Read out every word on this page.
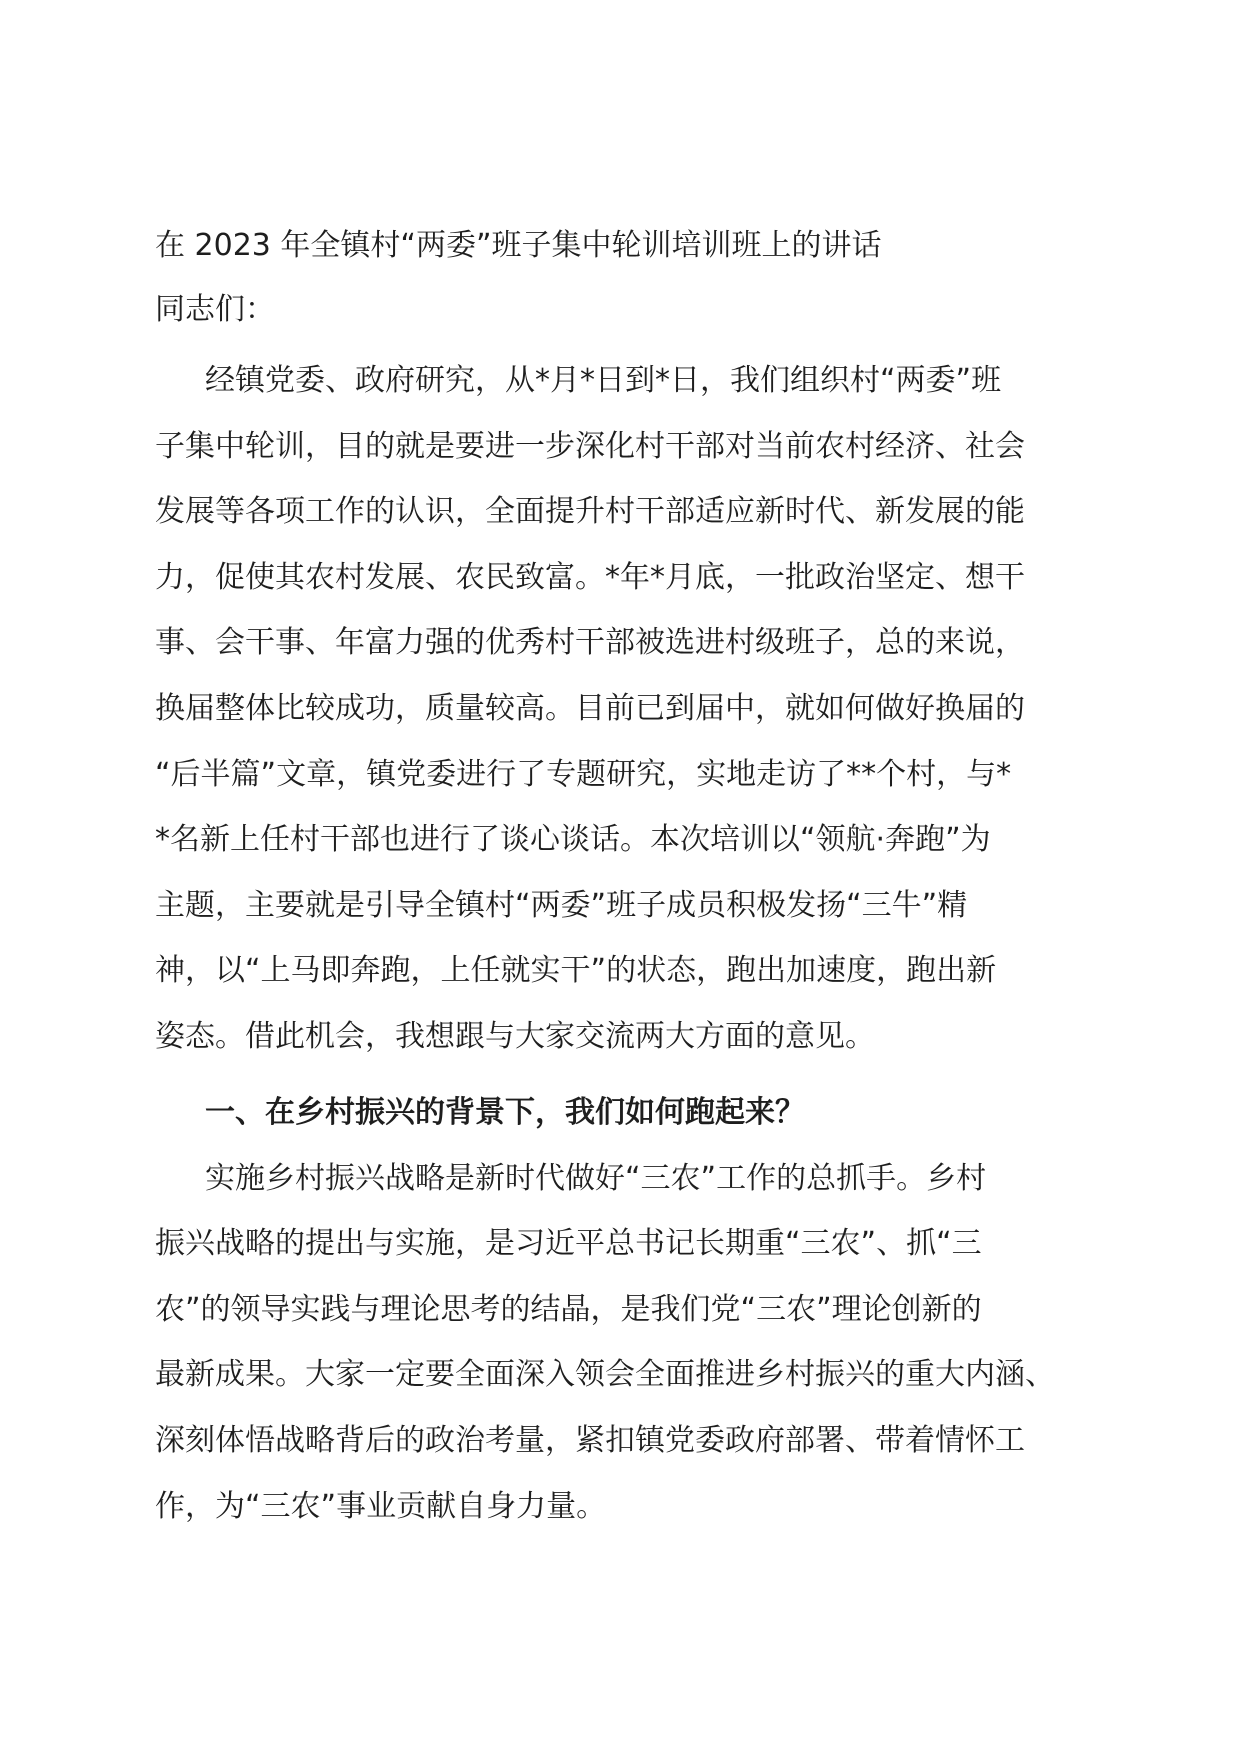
在 2023 年全镇村“两委”班子集中轮训培训班上的讲话
同志们：
经镇党委、政府研究，从*月*日到*日，我们组织村“两委”班
子集中轮训，目的就是要进一步深化村干部对当前农村经济、社会
发展等各项工作的认识，全面提升村干部适应新时代、新发展的能
力，促使其农村发展、农民致富。*年*月底，一批政治坚定、想干
事、会干事、年富力强的优秀村干部被选进村级班子，总的来说，
换届整体比较成功，质量较高。目前已到届中，就如何做好换届的
“后半篇”文章，镇党委进行了专题研究，实地走访了**个村，与*
*名新上任村干部也进行了谈心谈话。本次培训以“领航·奔跑”为
主题，主要就是引导全镇村“两委”班子成员积极发扬“三牛”精
神，以“上马即奔跑，上任就实干”的状态，跑出加速度，跑出新
姿态。借此机会，我想跟与大家交流两大方面的意见。
一、在乡村振兴的背景下，我们如何跑起来？
实施乡村振兴战略是新时代做好“三农”工作的总抓手。乡村
振兴战略的提出与实施，是习近平总书记长期重“三农”、抓“三
农”的领导实践与理论思考的结晶，是我们党“三农”理论创新的
最新成果。大家一定要全面深入领会全面推进乡村振兴的重大内涵、
深刻体悟战略背后的政治考量，紧扣镇党委政府部署、带着情怀工
作，为“三农”事业贡献自身力量。
